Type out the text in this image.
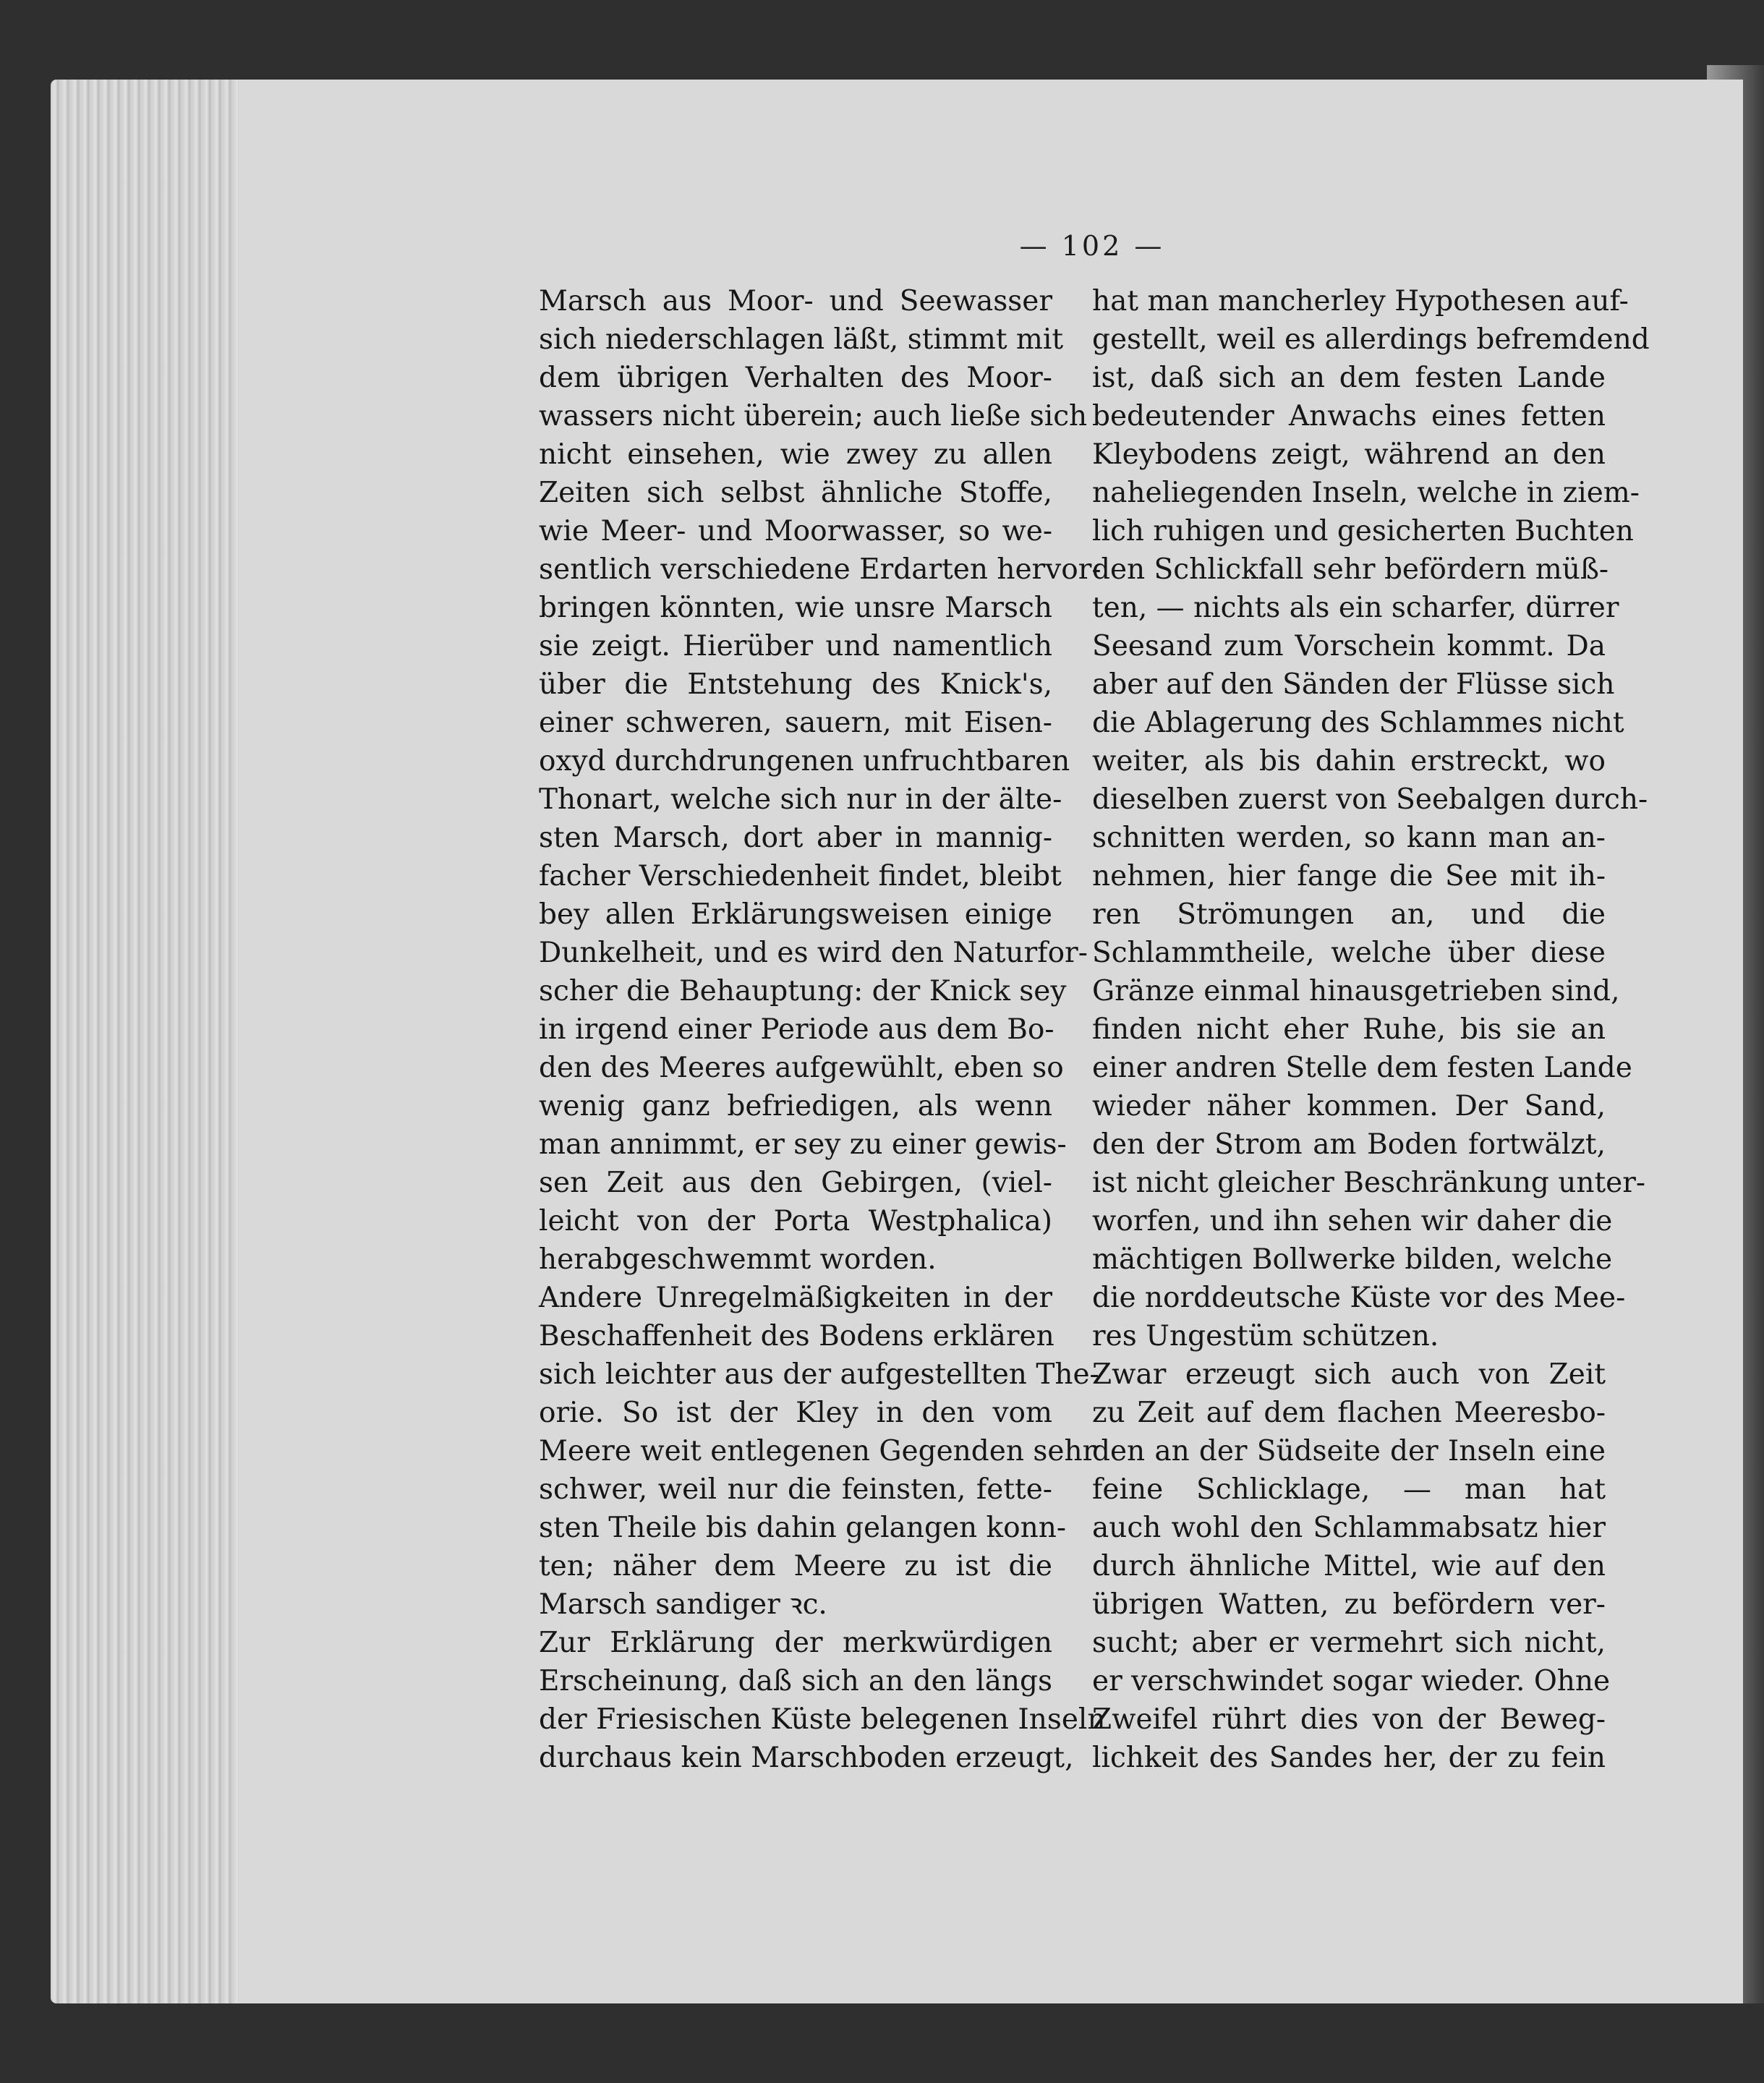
— 102 —
Marsch aus Moor- und Seewasser
sich niederschlagen läßt, stimmt mit
dem übrigen Verhalten des Moor-
wassers nicht überein; auch ließe sich
nicht einsehen, wie zwey zu allen
Zeiten sich selbst ähnliche Stoffe,
wie Meer- und Moorwasser, so we-
sentlich verschiedene Erdarten hervor-
bringen könnten, wie unsre Marsch
sie zeigt. Hierüber und namentlich
über die Entstehung des Knick's,
einer schweren, sauern, mit Eisen-
oxyd durchdrungenen unfruchtbaren
Thonart, welche sich nur in der älte-
sten Marsch, dort aber in mannig-
facher Verschiedenheit findet, bleibt
bey allen Erklärungsweisen einige
Dunkelheit, und es wird den Naturfor-
scher die Behauptung: der Knick sey
in irgend einer Periode aus dem Bo-
den des Meeres aufgewühlt, eben so
wenig ganz befriedigen, als wenn
man annimmt, er sey zu einer gewis-
sen Zeit aus den Gebirgen, (viel-
leicht von der Porta Westphalica)
herabgeschwemmt worden.
Andere Unregelmäßigkeiten in der
Beschaffenheit des Bodens erklären
sich leichter aus der aufgestellten The-
orie. So ist der Kley in den vom
Meere weit entlegenen Gegenden sehr
schwer, weil nur die feinsten, fette-
sten Theile bis dahin gelangen konn-
ten; näher dem Meere zu ist die
Marsch sandiger ꝛc.
Zur Erklärung der merkwürdigen
Erscheinung, daß sich an den längs
der Friesischen Küste belegenen Inseln
durchaus kein Marschboden erzeugt,
hat man mancherley Hypothesen auf-
gestellt, weil es allerdings befremdend
ist, daß sich an dem festen Lande
bedeutender Anwachs eines fetten
Kleybodens zeigt, während an den
naheliegenden Inseln, welche in ziem-
lich ruhigen und gesicherten Buchten
den Schlickfall sehr befördern müß-
ten, — nichts als ein scharfer, dürrer
Seesand zum Vorschein kommt. Da
aber auf den Sänden der Flüsse sich
die Ablagerung des Schlammes nicht
weiter, als bis dahin erstreckt, wo
dieselben zuerst von Seebalgen durch-
schnitten werden, so kann man an-
nehmen, hier fange die See mit ih-
ren Strömungen an, und die
Schlammtheile, welche über diese
Gränze einmal hinausgetrieben sind,
finden nicht eher Ruhe, bis sie an
einer andren Stelle dem festen Lande
wieder näher kommen. Der Sand,
den der Strom am Boden fortwälzt,
ist nicht gleicher Beschränkung unter-
worfen, und ihn sehen wir daher die
mächtigen Bollwerke bilden, welche
die norddeutsche Küste vor des Mee-
res Ungestüm schützen.
Zwar erzeugt sich auch von Zeit
zu Zeit auf dem flachen Meeresbo-
den an der Südseite der Inseln eine
feine Schlicklage, — man hat
auch wohl den Schlammabsatz hier
durch ähnliche Mittel, wie auf den
übrigen Watten, zu befördern ver-
sucht; aber er vermehrt sich nicht,
er verschwindet sogar wieder. Ohne
Zweifel rührt dies von der Beweg-
lichkeit des Sandes her, der zu fein
